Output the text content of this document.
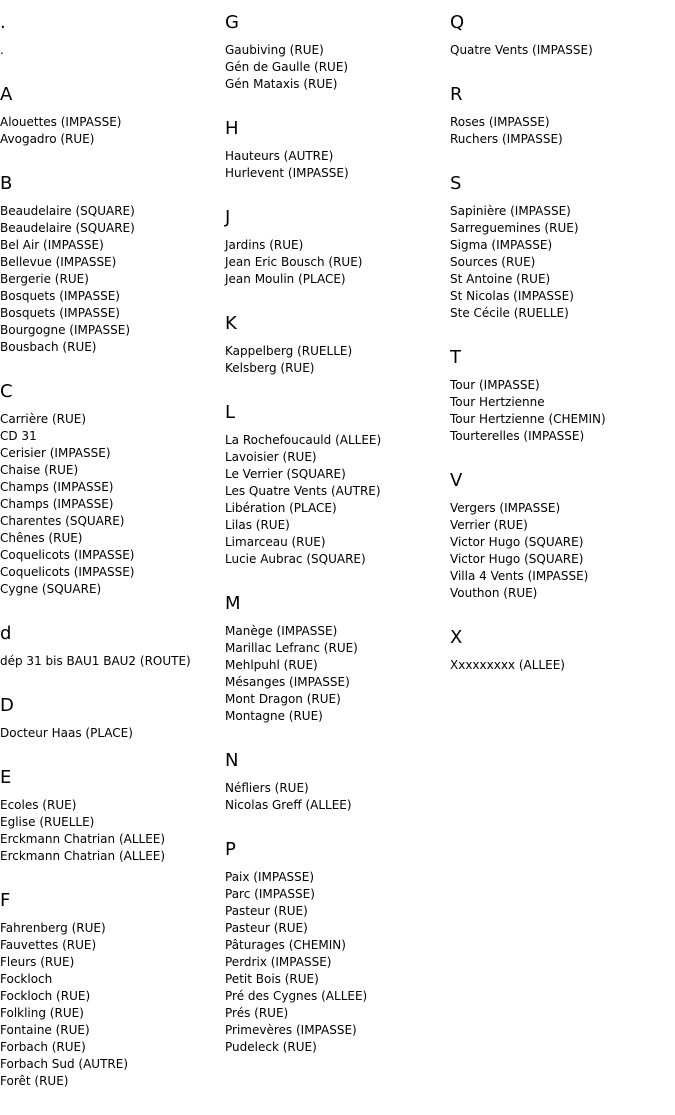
.
.
A
Alouettes (IMPASSE)
Avogadro (RUE)
B
Beaudelaire (SQUARE)
Beaudelaire (SQUARE)
Bel Air (IMPASSE)
Bellevue (IMPASSE)
Bergerie (RUE)
Bosquets (IMPASSE)
Bosquets (IMPASSE)
Bourgogne (IMPASSE)
Bousbach (RUE)
C
Carrière (RUE)
CD 31
Cerisier (IMPASSE)
Chaise (RUE)
Champs (IMPASSE)
Champs (IMPASSE)
Charentes (SQUARE)
Chênes (RUE)
Coquelicots (IMPASSE)
Coquelicots (IMPASSE)
Cygne (SQUARE)
d
dép 31 bis BAU1 BAU2 (ROUTE)
D
Docteur Haas (PLACE)
E
Ecoles (RUE)
Eglise (RUELLE)
Erckmann Chatrian (ALLEE)
Erckmann Chatrian (ALLEE)
F
Fahrenberg (RUE)
Fauvettes (RUE)
Fleurs (RUE)
Fockloch
Fockloch (RUE)
Folkling (RUE)
Fontaine (RUE)
Forbach (RUE)
Forbach Sud (AUTRE)
Forêt (RUE)
G
Gaubiving (RUE)
Gén de Gaulle (RUE)
Gén Mataxis (RUE)
H
Hauteurs (AUTRE)
Hurlevent (IMPASSE)
J
Jardins (RUE)
Jean Eric Bousch (RUE)
Jean Moulin (PLACE)
K
Kappelberg (RUELLE)
Kelsberg (RUE)
L
La Rochefoucauld (ALLEE)
Lavoisier (RUE)
Le Verrier (SQUARE)
Les Quatre Vents (AUTRE)
Libération (PLACE)
Lilas (RUE)
Limarceau (RUE)
Lucie Aubrac (SQUARE)
M
Manège (IMPASSE)
Marillac Lefranc (RUE)
Mehlpuhl (RUE)
Mésanges (IMPASSE)
Mont Dragon (RUE)
Montagne (RUE)
N
Néfliers (RUE)
Nicolas Greff (ALLEE)
P
Paix (IMPASSE)
Parc (IMPASSE)
Pasteur (RUE)
Pasteur (RUE)
Pâturages (CHEMIN)
Perdrix (IMPASSE)
Petit Bois (RUE)
Pré des Cygnes (ALLEE)
Prés (RUE)
Primevères (IMPASSE)
Pudeleck (RUE)
Q
Quatre Vents (IMPASSE)
R
Roses (IMPASSE)
Ruchers (IMPASSE)
S
Sapinière (IMPASSE)
Sarreguemines (RUE)
Sigma (IMPASSE)
Sources (RUE)
St Antoine (RUE)
St Nicolas (IMPASSE)
Ste Cécile (RUELLE)
T
Tour (IMPASSE)
Tour Hertzienne
Tour Hertzienne (CHEMIN)
Tourterelles (IMPASSE)
V
Vergers (IMPASSE)
Verrier (RUE)
Victor Hugo (SQUARE)
Victor Hugo (SQUARE)
Villa 4 Vents (IMPASSE)
Vouthon (RUE)
X
Xxxxxxxxx (ALLEE)
